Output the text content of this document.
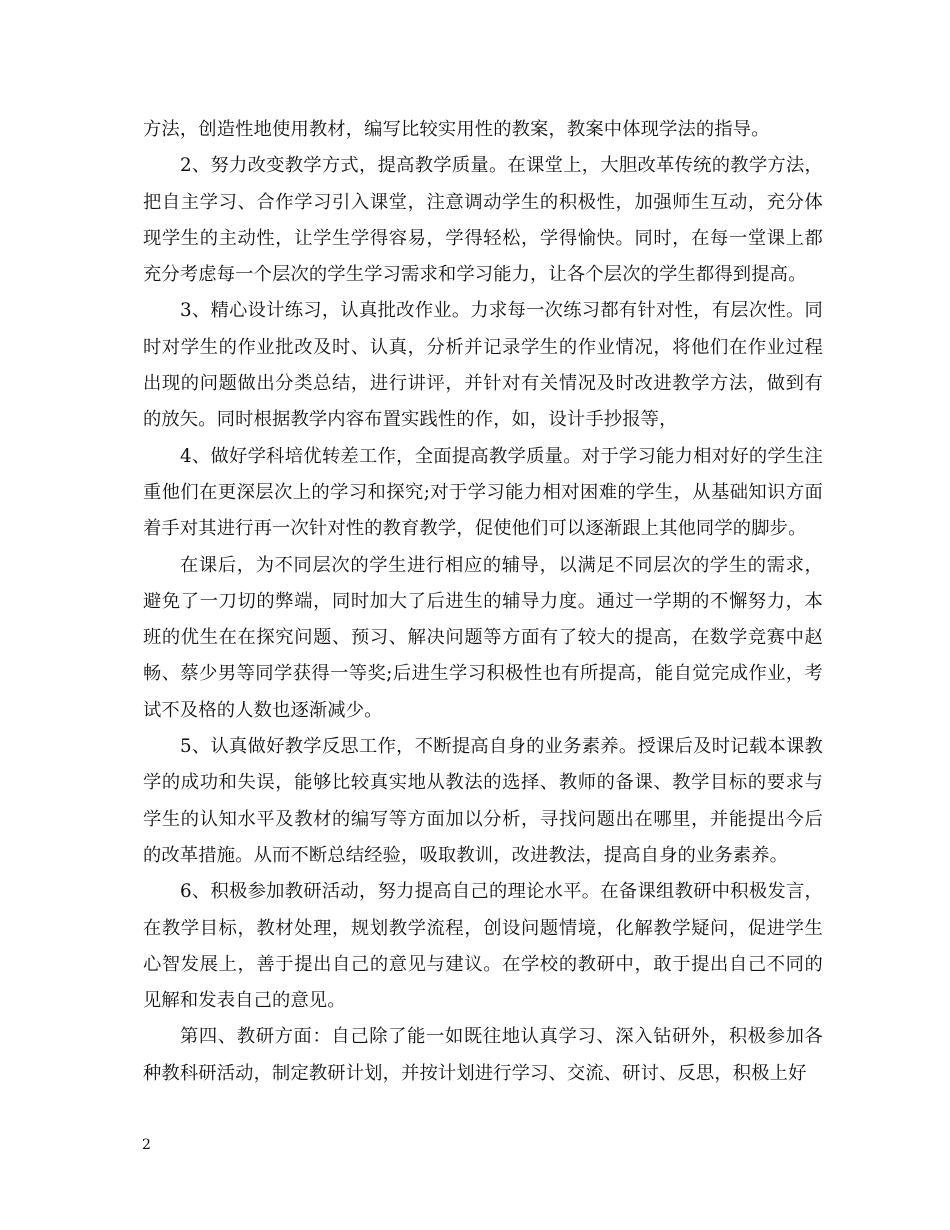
方法，创造性地使用教材，编写比较实用性的教案，教案中体现学法的指导。

2、努力改变教学方式，提高教学质量。在课堂上，大胆改革传统的教学方法，把自主学习、合作学习引入课堂，注意调动学生的积极性，加强师生互动，充分体现学生的主动性，让学生学得容易，学得轻松，学得愉快。同时，在每一堂课上都充分考虑每一个层次的学生学习需求和学习能力，让各个层次的学生都得到提高。

3、精心设计练习，认真批改作业。力求每一次练习都有针对性，有层次性。同时对学生的作业批改及时、认真，分析并记录学生的作业情况，将他们在作业过程出现的问题做出分类总结，进行讲评，并针对有关情况及时改进教学方法，做到有的放矢。同时根据教学内容布置实践性的作，如，设计手抄报等，

4、做好学科培优转差工作，全面提高教学质量。对于学习能力相对好的学生注重他们在更深层次上的学习和探究;对于学习能力相对困难的学生，从基础知识方面着手对其进行再一次针对性的教育教学，促使他们可以逐渐跟上其他同学的脚步。

在课后，为不同层次的学生进行相应的辅导，以满足不同层次的学生的需求，避免了一刀切的弊端，同时加大了后进生的辅导力度。通过一学期的不懈努力，本班的优生在在探究问题、预习、解决问题等方面有了较大的提高，在数学竞赛中赵畅、蔡少男等同学获得一等奖;后进生学习积极性也有所提高，能自觉完成作业，考试不及格的人数也逐渐减少。

5、认真做好教学反思工作，不断提高自身的业务素养。授课后及时记载本课教学的成功和失误，能够比较真实地从教法的选择、教师的备课、教学目标的要求与学生的认知水平及教材的编写等方面加以分析，寻找问题出在哪里，并能提出今后的改革措施。从而不断总结经验，吸取教训，改进教法，提高自身的业务素养。

6、积极参加教研活动，努力提高自己的理论水平。在备课组教研中积极发言，在教学目标，教材处理，规划教学流程，创设问题情境，化解教学疑问，促进学生心智发展上，善于提出自己的意见与建议。在学校的教研中，敢于提出自己不同的见解和发表自己的意见。

第四、教研方面：自己除了能一如既往地认真学习、深入钻研外，积极参加各种教科研活动，制定教研计划，并按计划进行学习、交流、研讨、反思，积极上好

2
